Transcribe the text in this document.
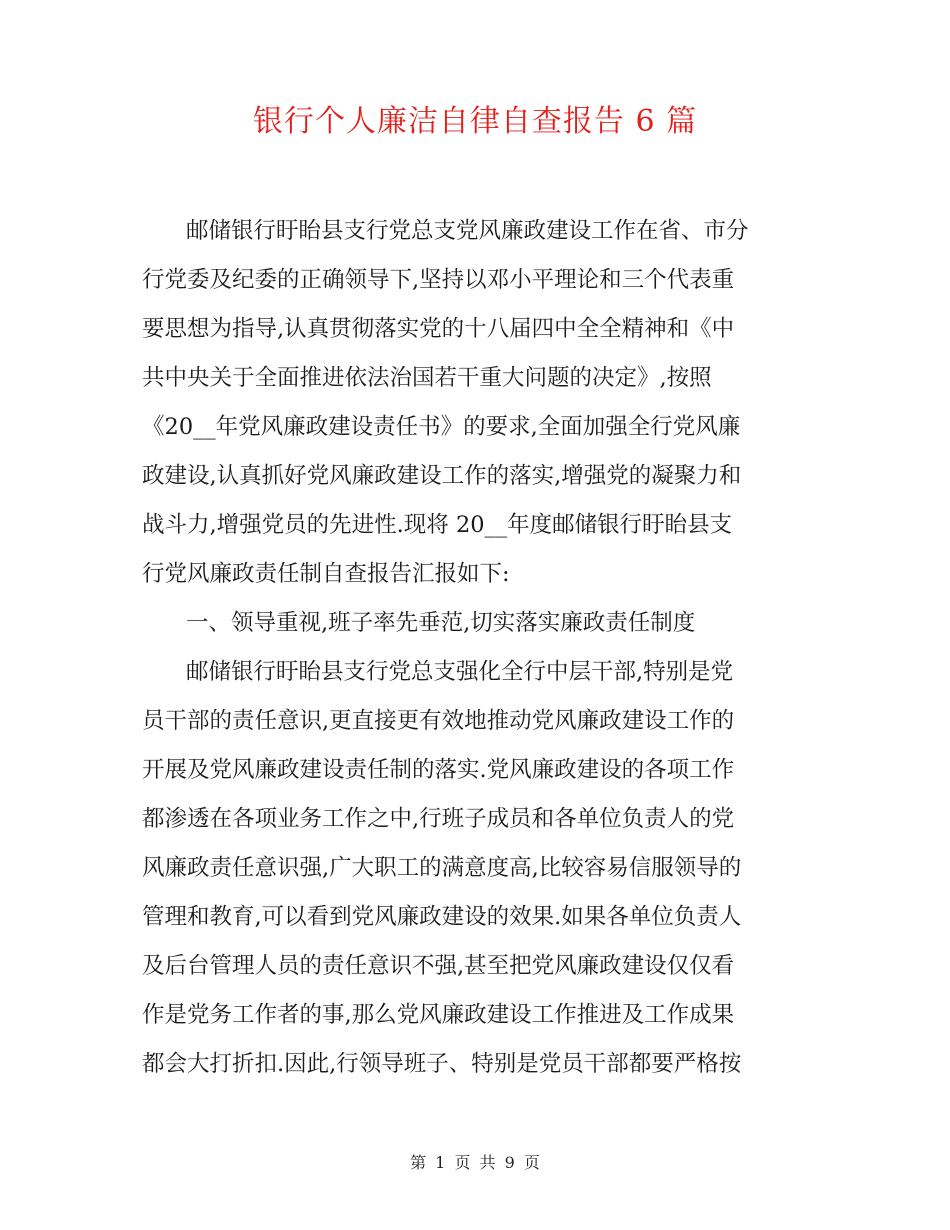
银行个人廉洁自律自查报告 6 篇
邮储银行盱眙县支行党总支党风廉政建设工作在省、市分
行党委及纪委的正确领导下,坚持以邓小平理论和三个代表重
要思想为指导,认真贯彻落实党的十八届四中全全精神和《中
共中央关于全面推进依法治国若干重大问题的决定》,按照
《20__年党风廉政建设责任书》的要求,全面加强全行党风廉
政建设,认真抓好党风廉政建设工作的落实,增强党的凝聚力和
战斗力,增强党员的先进性.现将 20__年度邮储银行盱眙县支
行党风廉政责任制自查报告汇报如下:
一、领导重视,班子率先垂范,切实落实廉政责任制度
邮储银行盱眙县支行党总支强化全行中层干部,特别是党
员干部的责任意识,更直接更有效地推动党风廉政建设工作的
开展及党风廉政建设责任制的落实.党风廉政建设的各项工作
都渗透在各项业务工作之中,行班子成员和各单位负责人的党
风廉政责任意识强,广大职工的满意度高,比较容易信服领导的
管理和教育,可以看到党风廉政建设的效果.如果各单位负责人
及后台管理人员的责任意识不强,甚至把党风廉政建设仅仅看
作是党务工作者的事,那么党风廉政建设工作推进及工作成果
都会大打折扣.因此,行领导班子、特别是党员干部都要严格按
第 1 页 共 9 页
